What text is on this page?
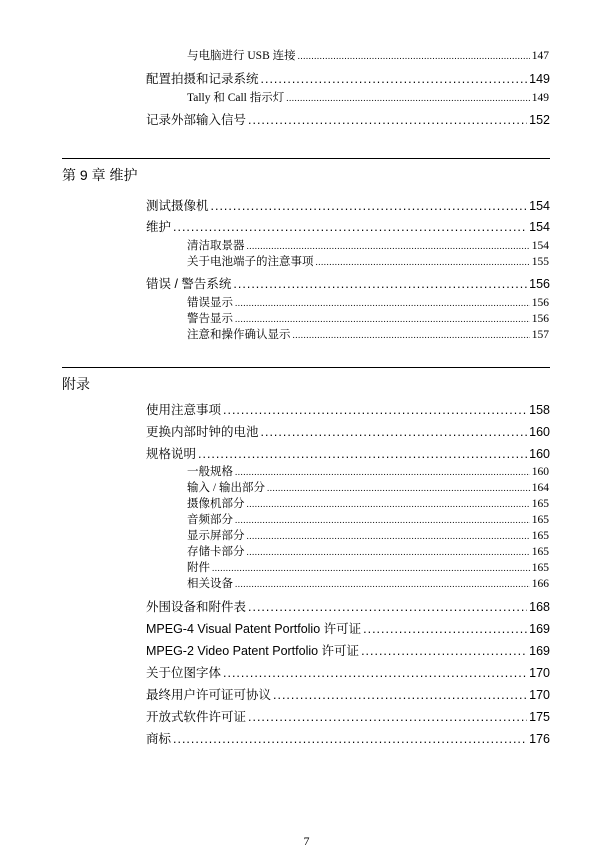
与电脑进行 USB 连接 .....	147
配置拍摄和记录系统 .....	149
Tally 和 Call 指示灯 .....	149
记录外部输入信号 .....	152
第 9 章 维护
测试摄像机 .....	154
维护 .....	154
清洁取景器 .....	154
关于电池端子的注意事项 .....	155
错误 / 警告系统 .....	156
错误显示 .....	156
警告显示 .....	156
注意和操作确认显示 .....	157
附录
使用注意事项 .....	158
更换内部时钟的电池 .....	160
规格说明 .....	160
一般规格 .....	160
输入 / 输出部分 .....	164
摄像机部分 .....	165
音频部分 .....	165
显示屏部分 .....	165
存储卡部分 .....	165
附件 .....	165
相关设备 .....	166
外围设备和附件表 .....	168
MPEG-4 Visual Patent Portfolio 许可证 .....	169
MPEG-2 Video Patent Portfolio 许可证 .....	169
关于位图字体 .....	170
最终用户许可证可协议 .....	170
开放式软件许可证 .....	175
商标 .....	176
7
